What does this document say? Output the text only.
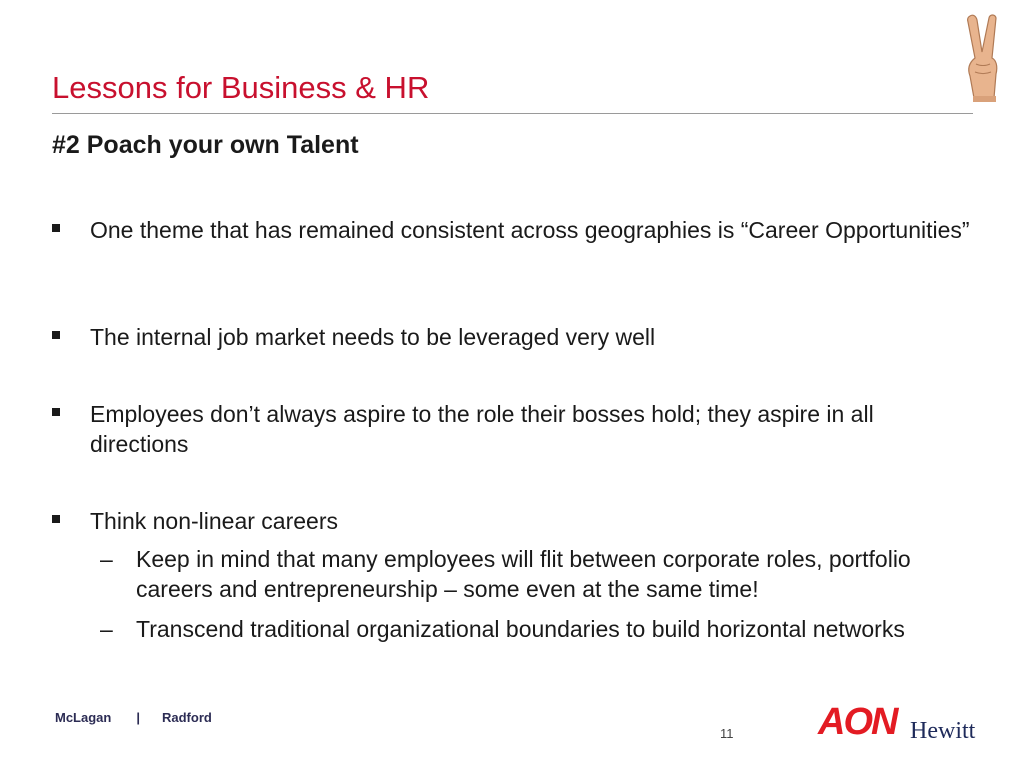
Lessons for Business & HR
#2 Poach your own Talent
One theme that has remained consistent across geographies is “Career Opportunities”
The internal job market needs to be leveraged very well
Employees don’t always aspire to the role their bosses hold; they aspire in all directions
Think non-linear careers
– Keep in mind that many employees will flit between corporate roles, portfolio careers and entrepreneurship – some even at the same time!
– Transcend traditional organizational boundaries to build horizontal networks
McLagan | Radford
11 AON Hewitt
